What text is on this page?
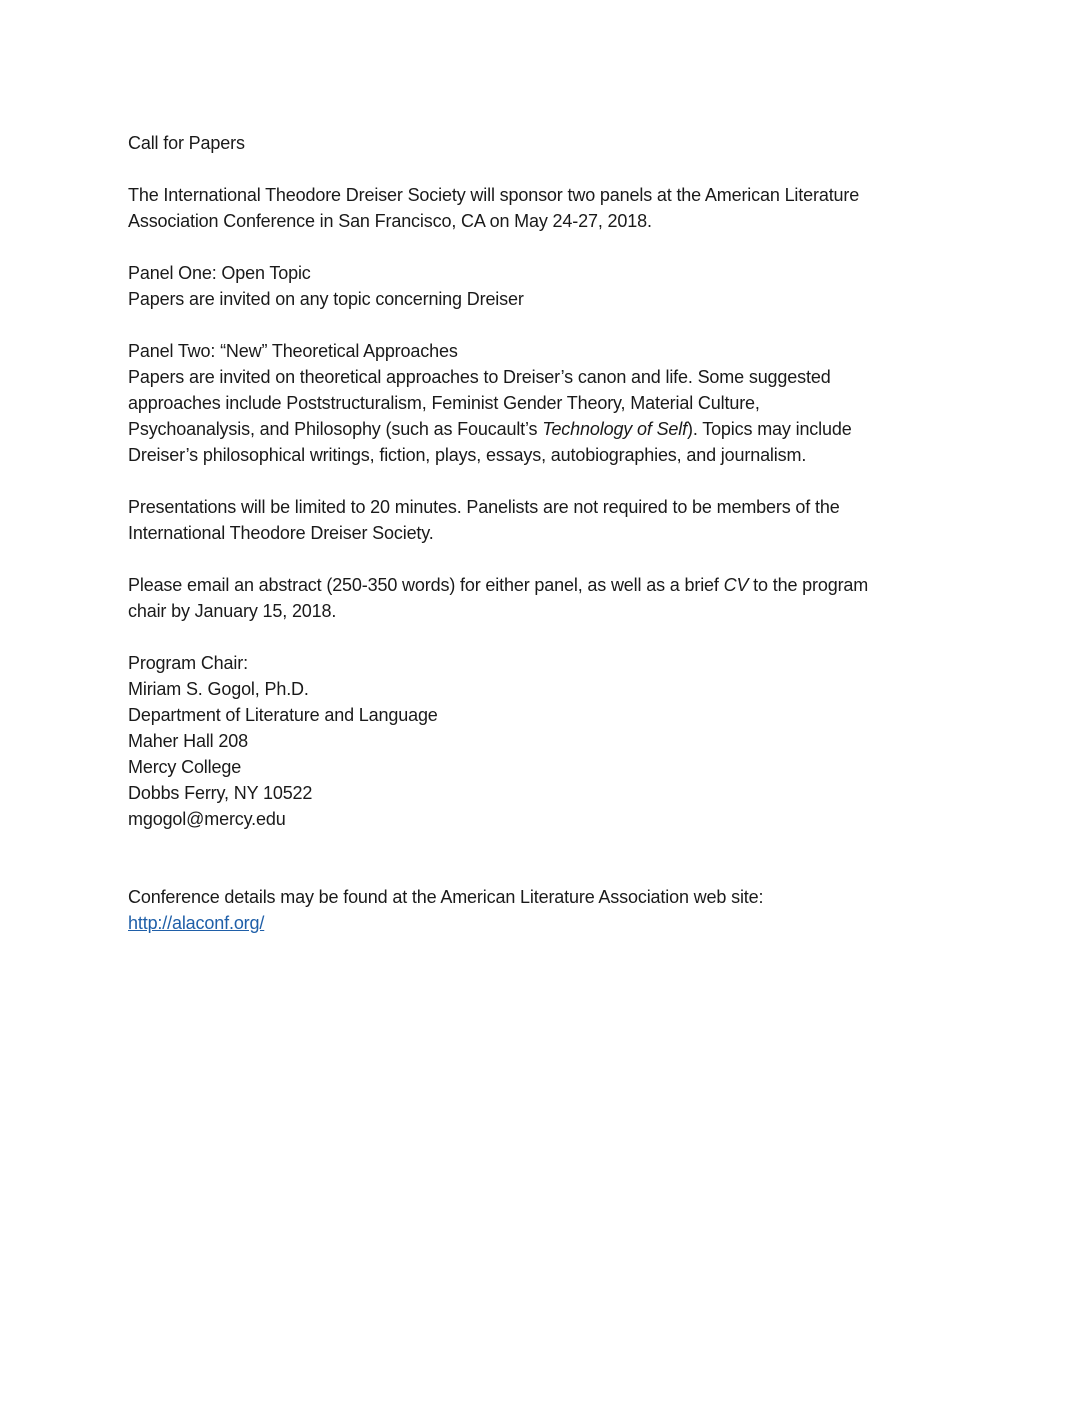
Call for Papers
The International Theodore Dreiser Society will sponsor two panels at the American Literature
Association Conference in San Francisco, CA on May 24-27, 2018.
Panel One: Open Topic
Papers are invited on any topic concerning Dreiser
Panel Two: “New” Theoretical Approaches
Papers are invited on theoretical approaches to Dreiser’s canon and life. Some suggested
approaches include Poststructuralism, Feminist Gender Theory, Material Culture,
Psychoanalysis, and Philosophy (such as Foucault’s Technology of Self). Topics may include
Dreiser’s philosophical writings, fiction, plays, essays, autobiographies, and journalism.
Presentations will be limited to 20 minutes. Panelists are not required to be members of the
International Theodore Dreiser Society.
Please email an abstract (250-350 words) for either panel, as well as a brief CV to the program
chair by January 15, 2018.
Program Chair:
Miriam S. Gogol, Ph.D.
Department of Literature and Language
Maher Hall 208
Mercy College
Dobbs Ferry, NY 10522
mgogol@mercy.edu
Conference details may be found at the American Literature Association web site:
http://alaconf.org/
